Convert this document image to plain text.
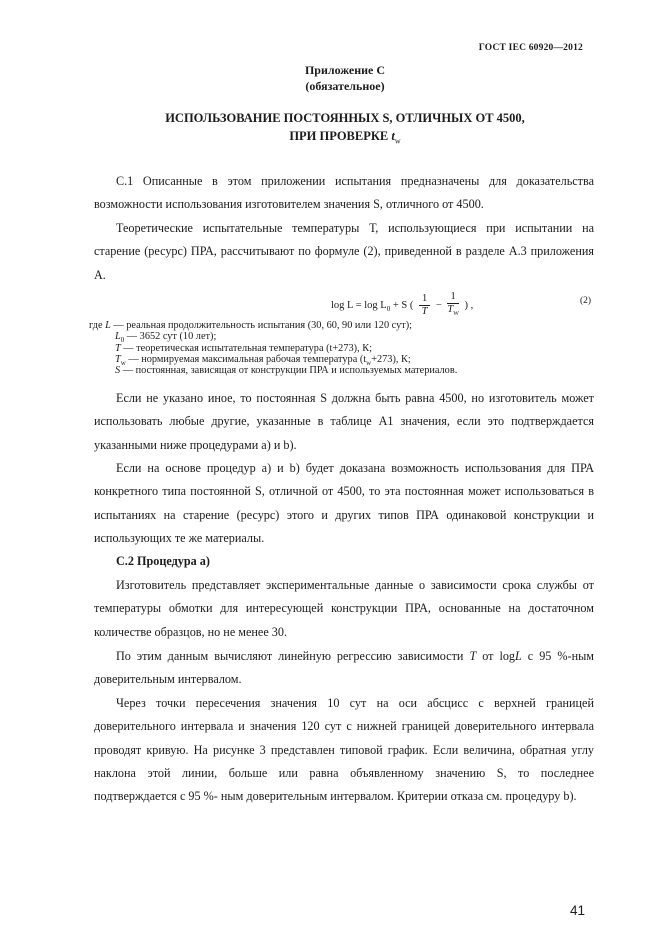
ГОСТ IEC 60920—2012
Приложение С
(обязательное)
ИСПОЛЬЗОВАНИЕ ПОСТОЯННЫХ S, ОТЛИЧНЫХ ОТ 4500,
ПРИ ПРОВЕРКЕ $t_w$

С.1 Описанные в этом приложении испытания предназначены для доказательства возможности использования изготовителем значения S, отличного от 4500.

Теоретические испытательные температуры Т, использующиеся при испытании на старение (ресурс) ПРА, рассчитывают по формуле (2), приведенной в разделе А.3 приложения А.

$\log L = \log L_0 + S$ ( $\frac{1}{T} - \frac{1}{T_W}$ ) ,	(2)
где L — реальная продолжительность испытания (30, 60, 90 или 120 сут);
$L_0$ — 3652 сут (10 лет);
T — теоретическая испытательная температура (t+273), К;
$T_w$ — нормируемая максимальная рабочая температура $(t_w+273)$, К;
S — постоянная, зависящая от конструкции ПРА и используемых материалов.

Если не указано иное, то постоянная S должна быть равна 4500, но изготовитель может использовать любые другие, указанные в таблице А1 значения, если это подтверждается указанными ниже процедурами а) и b).

Если на основе процедур а) и b) будет доказана возможность использования для ПРА конкретного типа постоянной S, отличной от 4500, то эта постоянная может использоваться в испытаниях на старение (ресурс) этого и других типов ПРА одинаковой конструкции и использующих те же материалы.

С.2 Процедура а)

Изготовитель представляет экспериментальные данные о зависимости срока службы от температуры обмотки для интересующей конструкции ПРА, основанные на достаточном количестве образцов, но не менее 30.

По этим данным вычисляют линейную регрессию зависимости T от logL с 95 %-ным доверительным интервалом.

Через точки пересечения значения 10 сут на оси абсцисс с верхней границей доверительного интервала и значения 120 сут с нижней границей доверительного интервала проводят кривую. На рисунке 3 представлен типовой график. Если величина, обратная углу наклона этой линии, больше или равна объявленному значению S, то последнее подтверждается с 95 %- ным доверительным интервалом. Критерии отказа см. процедуру b).

41
